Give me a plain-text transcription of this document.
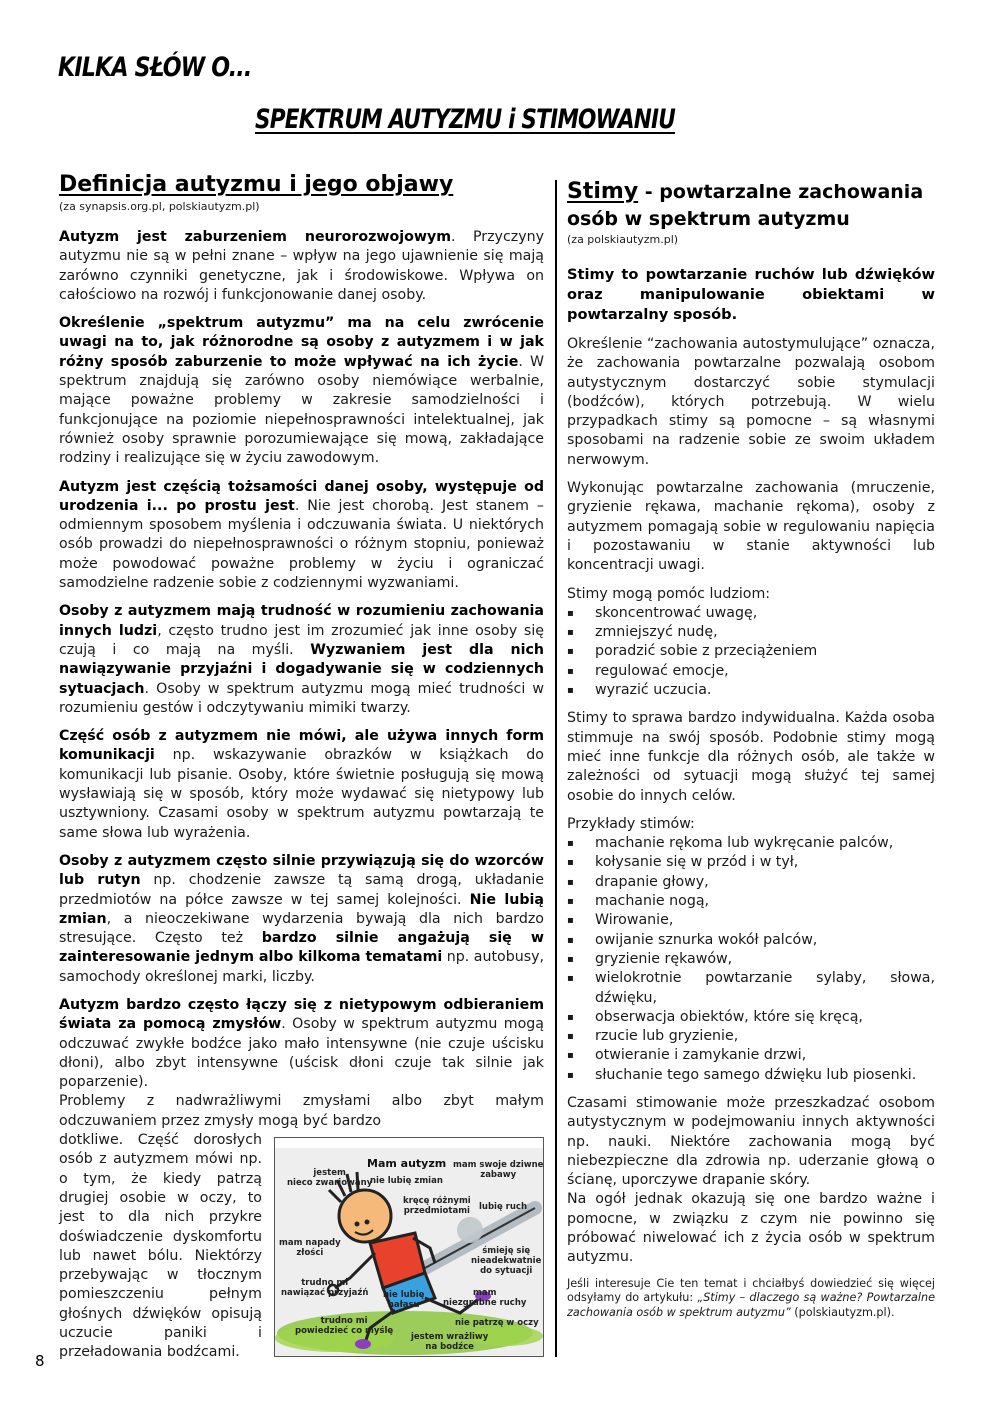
KILKA SŁÓW O...
SPEKTRUM AUTYZMU i STIMOWANIU
Definicja autyzmu i jego objawy
(za synapsis.org.pl, polskiautyzm.pl)

Autyzm jest zaburzeniem neurorozwojowym. Przyczyny autyzmu nie są w pełni znane – wpływ na jego ujawnienie się mają zarówno czynniki genetyczne, jak i środowiskowe. Wpływa on całościowo na rozwój i funkcjonowanie danej osoby.

Określenie „spektrum autyzmu” ma na celu zwrócenie uwagi na to, jak różnorodne są osoby z autyzmem i w jak różny sposób zaburzenie to może wpływać na ich życie. W spektrum znajdują się zarówno osoby niemówiące werbalnie, mające poważne problemy w zakresie samodzielności i funkcjonujące na poziomie niepełnosprawności intelektualnej, jak również osoby sprawnie porozumiewające się mową, zakładające rodziny i realizujące się w życiu zawodowym.

Autyzm jest częścią tożsamości danej osoby, występuje od urodzenia i... po prostu jest. Nie jest chorobą. Jest stanem – odmiennym sposobem myślenia i odczuwania świata. U niektórych osób prowadzi do niepełnosprawności o różnym stopniu, ponieważ może powodować poważne problemy w życiu i ograniczać samodzielne radzenie sobie z codziennymi wyzwaniami.

Osoby z autyzmem mają trudność w rozumieniu zachowania innych ludzi, często trudno jest im zrozumieć jak inne osoby się czują i co mają na myśli. Wyzwaniem jest dla nich nawiązywanie przyjaźni i dogadywanie się w codziennych sytuacjach. Osoby w spektrum autyzmu mogą mieć trudności w rozumieniu gestów i odczytywaniu mimiki twarzy.

Część osób z autyzmem nie mówi, ale używa innych form komunikacji np. wskazywanie obrazków w książkach do komunikacji lub pisanie. Osoby, które świetnie posługują się mową wysławiają się w sposób, który może wydawać się nietypowy lub usztywniony. Czasami osoby w spektrum autyzmu powtarzają te same słowa lub wyrażenia.

Osoby z autyzmem często silnie przywiązują się do wzorców lub rutyn np. chodzenie zawsze tą samą drogą, układanie przedmiotów na półce zawsze w tej samej kolejności. Nie lubią zmian, a nieoczekiwane wydarzenia bywają dla nich bardzo stresujące. Często też bardzo silnie angażują się w zainteresowanie jednym albo kilkoma tematami np. autobusy, samochody określonej marki, liczby.

Autyzm bardzo często łączy się z nietypowym odbieraniem świata za pomocą zmysłów. Osoby w spektrum autyzmu mogą odczuwać zwykłe bodźce jako mało intensywne (nie czuje uścisku dłoni), albo zbyt intensywne (uścisk dłoni czuje tak silnie jak poparzenie).

Problemy z nadwrażliwymi zmysłami albo zbyt małym odczuwaniem przez zmysły mogą być bardzo

Mam autyzm
jestem
nieco zwariowany
nie lubię zmian
mam swoje dziwne
zabawy
kręcę różnymi
przedmiotami lubię ruch
mam napady
złości	śmieję się
nieadekwatnie
do sytuacji
trudno mi
nawiązać przyjaźń nie lubię
hałasu
mam
niezgrabne ruchy
trudno mi
powiedzieć co myślę
nie patrzę w oczy
jestem wrażliwy
na bodźce

dotkliwe. Część dorosłych osób z autyzmem mówi np. o tym, że kiedy patrzą drugiej osobie w oczy, to jest to dla nich przykre doświadczenie dyskomfortu lub nawet bólu. Niektórzy przebywając w tłocznym pomieszczeniu pełnym głośnych dźwięków opisują uczucie paniki i przeładowania bodźcami.

Stimy - powtarzalne zachowania osób w spektrum autyzmu
(za polskiautyzm.pl)

Stimy to powtarzanie ruchów lub dźwięków oraz manipulowanie obiektami w powtarzalny sposób.

Określenie “zachowania autostymulujące” oznacza, że zachowania powtarzalne pozwalają osobom autystycznym dostarczyć sobie stymulacji (bodźców), których potrzebują. W wielu przypadkach stimy są pomocne – są własnymi sposobami na radzenie sobie ze swoim układem nerwowym.

Wykonując powtarzalne zachowania (mruczenie, gryzienie rękawa, machanie rękoma), osoby z autyzmem pomagają sobie w regulowaniu napięcia i pozostawaniu w stanie aktywności lub koncentracji uwagi.

Stimy mogą pomóc ludziom:
▪ skoncentrować uwagę,
▪ zmniejszyć nudę,
▪ poradzić sobie z przeciążeniem
▪ regulować emocje,
▪ wyrazić uczucia.

Stimy to sprawa bardzo indywidualna. Każda osoba stimmuje na swój sposób. Podobnie stimy mogą mieć inne funkcje dla różnych osób, ale także w zależności od sytuacji mogą służyć tej samej osobie do innych celów.

Przykłady stimów:
▪ machanie rękoma lub wykręcanie palców,
▪ kołysanie się w przód i w tył,
▪ drapanie głowy,
▪ machanie nogą,
▪ Wirowanie,
▪ owijanie sznurka wokół palców,
▪ gryzienie rękawów,
▪ wielokrotnie powtarzanie sylaby, słowa, dźwięku,
▪ obserwacja obiektów, które się kręcą,
▪ rzucie lub gryzienie,
▪ otwieranie i zamykanie drzwi,
▪ słuchanie tego samego dźwięku lub piosenki.

Czasami stimowanie może przeszkadzać osobom autystycznym w podejmowaniu innych aktywności np. nauki. Niektóre zachowania mogą być niebezpieczne dla zdrowia np. uderzanie głową o ścianę, uporczywe drapanie skóry.

Na ogół jednak okazują się one bardzo ważne i pomocne, w związku z czym nie powinno się próbować niwelować ich z życia osób w spektrum autyzmu.

Jeśli interesuje Cie ten temat i chciałbyś dowiedzieć się więcej odsyłamy do artykułu: „Stimy – dlaczego są ważne? Powtarzalne zachowania osób w spektrum autyzmu” (polskiautyzm.pl).

8
